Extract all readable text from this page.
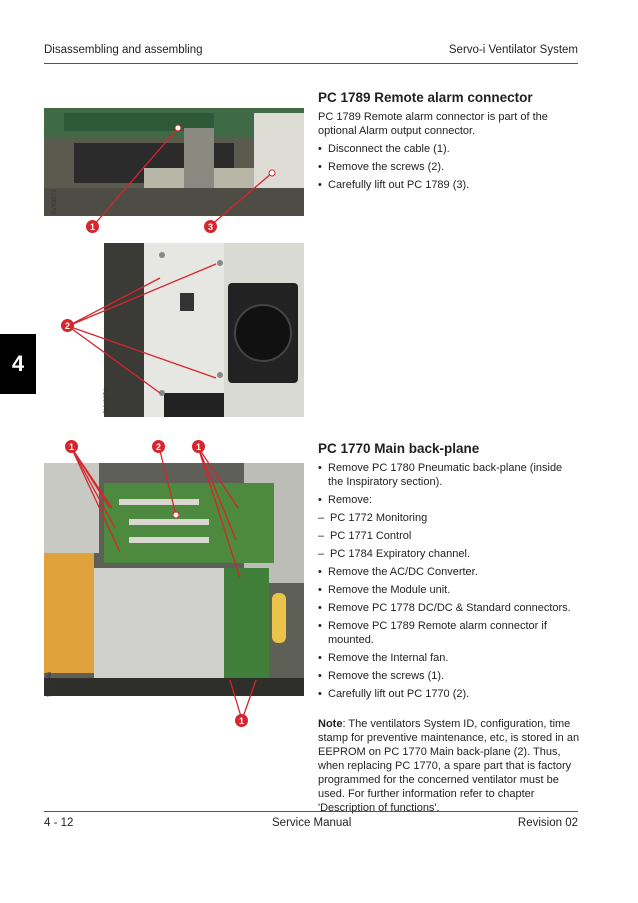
Disassembling and assembling	Servo-i Ventilator System
4
SVX9073
SVX9074
SVX9046
1	3
2
1	2	1
1
PC 1789 Remote alarm connector

PC 1789 Remote alarm connector is part of the optional Alarm output connector.

• Disconnect the cable (1).
• Remove the screws (2).
• Carefully lift out PC 1789 (3).
PC 1770 Main back-plane
• Remove PC 1780 Pneumatic back-plane (inside the Inspiratory section).
• Remove:
– PC 1772 Monitoring
– PC 1771 Control
– PC 1784 Expiratory channel.
• Remove the AC/DC Converter.
• Remove the Module unit.
• Remove PC 1778 DC/DC & Standard connectors.
• Remove PC 1789 Remote alarm connector if mounted.
• Remove the Internal fan.
• Remove the screws (1).
• Carefully lift out PC 1770 (2).

Note: The ventilators System ID, configuration, time stamp for preventive maintenance, etc, is stored in an EEPROM on PC 1770 Main back-plane (2). Thus, when replacing PC 1770, a spare part that is factory programmed for the concerned ventilator must be used. For further information refer to chapter 'Description of functions'.

4 - 12	Service Manual	Revision 02
